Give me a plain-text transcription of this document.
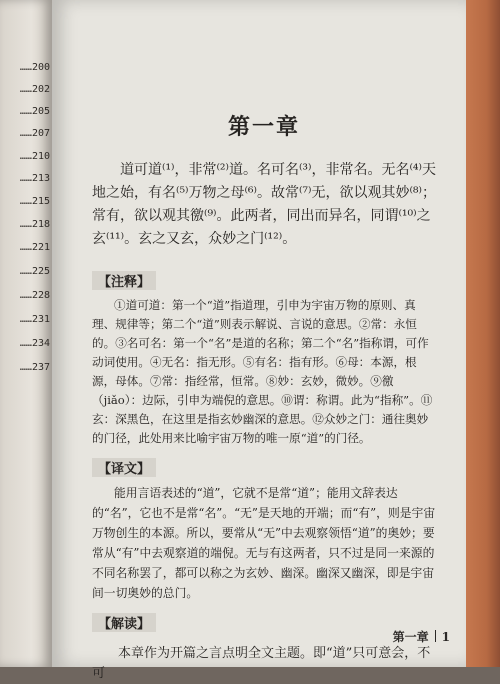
……200
……202
……205
……207
……210
……213
……215
……218
……221
……225
……228
……231
……234
……237
第一章

道可道⁽¹⁾，非常⁽²⁾道。名可名⁽³⁾，非常名。无名⁽⁴⁾天地之始，有名⁽⁵⁾万物之母⁽⁶⁾。故常⁽⁷⁾无，欲以观其妙⁽⁸⁾；常有，欲以观其徼⁽⁹⁾。此两者，同出而异名，同谓⁽¹⁰⁾之玄⁽¹¹⁾。玄之又玄，众妙之门⁽¹²⁾。

【注释】

①道可道：第一个“道”指道理，引申为宇宙万物的原则、真理、规律等；第二个“道”则表示解说、言说的意思。②常：永恒的。③名可名：第一个“名”是道的名称；第二个“名”指称谓，可作动词使用。④无名：指无形。⑤有名：指有形。⑥母：本源，根源，母体。⑦常：指经常，恒常。⑧妙：玄妙，微妙。⑨徼（jiǎo）：边际，引申为端倪的意思。⑩谓：称谓。此为“指称”。⑪玄：深黑色，在这里是指玄妙幽深的意思。⑫众妙之门：通往奥妙的门径，此处用来比喻宇宙万物的唯一原“道”的门径。

【译文】

能用言语表述的“道”，它就不是常“道”；能用文辞表达的“名”，它也不是常“名”。“无”是天地的开端；而“有”，则是宇宙万物创生的本源。所以，要常从“无”中去观察领悟“道”的奥妙；要常从“有”中去观察道的端倪。无与有这两者，只不过是同一来源的不同名称罢了，都可以称之为玄妙、幽深。幽深又幽深，即是宇宙间一切奥妙的总门。

【解读】

本章作为开篇之言点明全文主题。即“道”只可意会，不可

第一章 1
